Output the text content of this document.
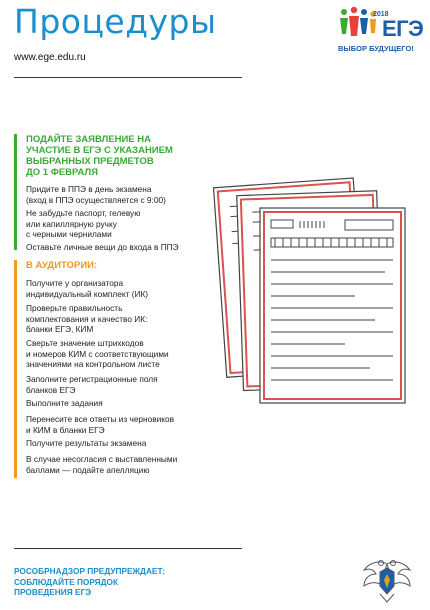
Процедуры
www.ege.edu.ru
2018
ЕГЭ
ВЫБОР БУДУЩЕГО!
ПОДАЙТЕ ЗАЯВЛЕНИЕ НА
УЧАСТИЕ В ЕГЭ С УКАЗАНИЕМ
ВЫБРАННЫХ ПРЕДМЕТОВ
ДО 1 ФЕВРАЛЯ
Придите в ППЭ в день экзамена
(вход в ППЭ осуществляется с 9:00)
Не забудьте паспорт, гелевую
или капиллярную ручку
с черными чернилами
Оставьте личные вещи до входа в ППЭ
В АУДИТОРИИ:
Получите у организатора
индивидуальный комплект (ИК)
Проверьте правильность
комплектования и качество ИК:
бланки ЕГЭ, КИМ
Сверьте значение штрихкодов
и номеров КИМ с соответствующими
значениями на контрольном листе
Заполните регистрационные поля
бланков ЕГЭ
Выполните задания
Перенесите все ответы из черновиков
и КИМ в бланки ЕГЭ
Получите результаты экзамена
В случае несогласия с выставленными
баллами — подайте апелляцию
РОСОБРНАДЗОР ПРЕДУПРЕЖДАЕТ:
СОБЛЮДАЙТЕ ПОРЯДОК
ПРОВЕДЕНИЯ ЕГЭ
